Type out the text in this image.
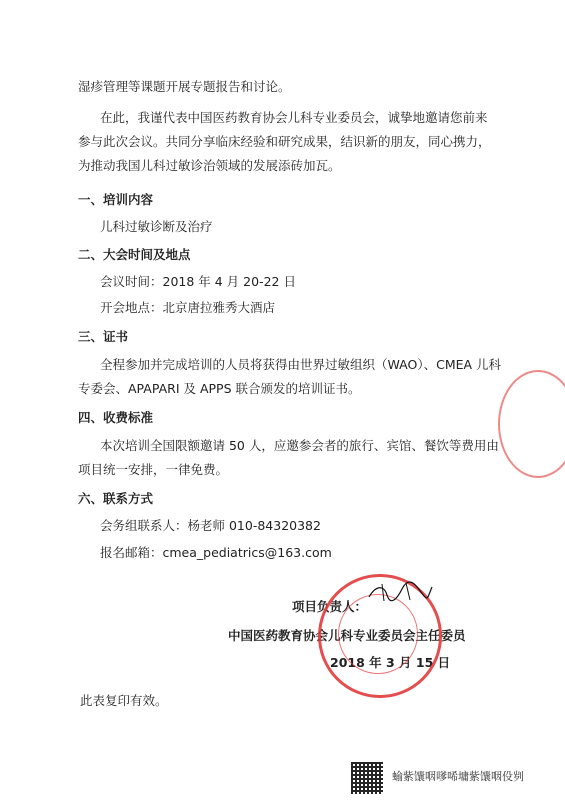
湿疹管理等课题开展专题报告和讨论。
在此，我谨代表中国医药教育协会儿科专业委员会，诚挚地邀请您前来
参与此次会议。共同分享临床经验和研究成果，结识新的朋友，同心携力，
为推动我国儿科过敏诊治领域的发展添砖加瓦。
一、培训内容
儿科过敏诊断及治疗
二、大会时间及地点
会议时间：2018 年 4 月 20-22 日
开会地点：北京唐拉雅秀大酒店
三、证书
全程参加并完成培训的人员将获得由世界过敏组织（WAO）、CMEA 儿科
专委会、APAPARI 及 APPS 联合颁发的培训证书。
四、收费标准
本次培训全国限额邀请 50 人，应邀参会者的旅行、宾馆、餐饮等费用由
项目统一安排，一律免费。
六、联系方式
会务组联系人：杨老师 010-84320382
报名邮箱：cmea_pediatrics@163.com
项目负责人：
中国医药教育协会儿科专业委员会主任委员
2018 年 3 月 15 日
此表复印有效。
蝓紫馕咽嗲唏墉紫馕咽伇刿
